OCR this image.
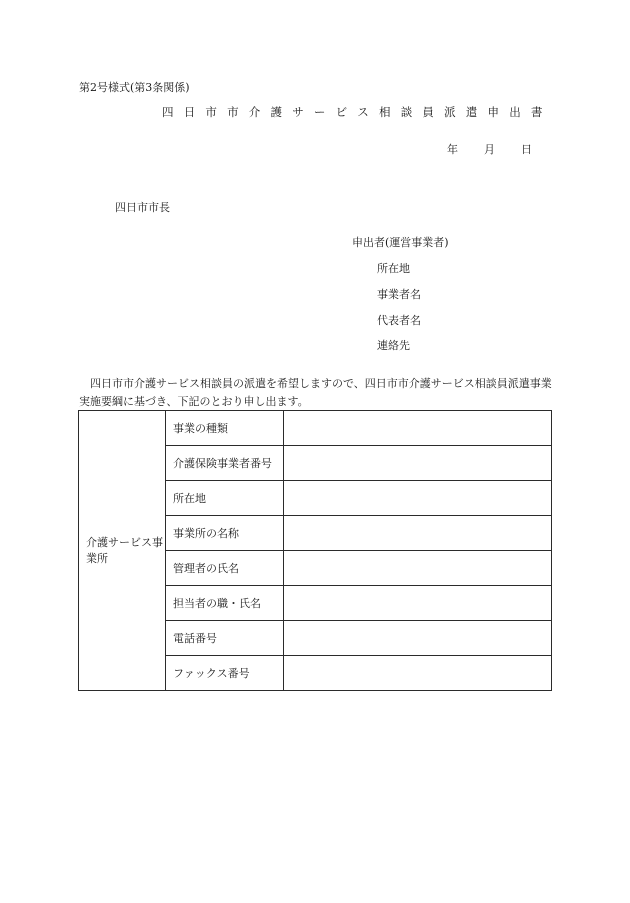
第2号様式(第3条関係)
四日市市介護サービス相談員派遣申出書
年 月 日
四日市市長
申出者(運営事業者)
所在地
事業者名
代表者名
連絡先
四日市市介護サービス相談員の派遣を希望しますので、四日市市介護サービス相談員派遣事業実施要綱に基づき、下記のとおり申し出ます。
介護サービス事業所	事業の種類	
	介護保険事業者番号	
	所在地	
	事業所の名称	
	管理者の氏名	
	担当者の職・氏名	
	電話番号	
	ファックス番号	
